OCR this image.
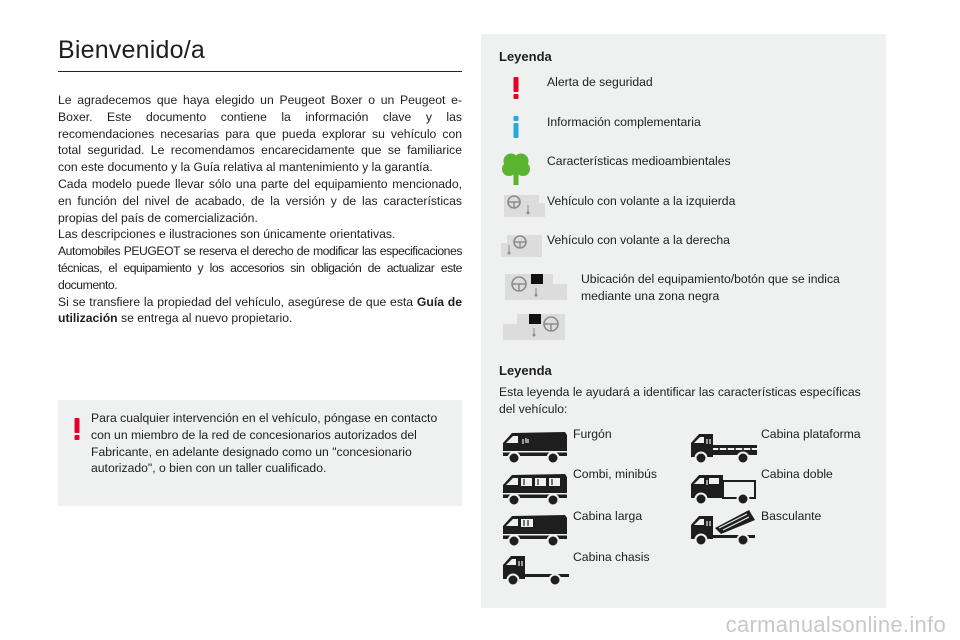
Bienvenido/a

Le agradecemos que haya elegido un Peugeot Boxer o un Peugeot e-Boxer. Este documento contiene la información clave y las recomendaciones necesarias para que pueda explorar su vehículo con total seguridad. Le recomendamos encarecidamente que se familiarice con este documento y la Guía relativa al mantenimiento y la garantía.

Cada modelo puede llevar sólo una parte del equipamiento mencionado, en función del nivel de acabado, de la versión y de las características propias del país de comercialización.

Las descripciones e ilustraciones son únicamente orientativas.

Automobiles PEUGEOT se reserva el derecho de modificar las especificaciones técnicas, el equipamiento y los accesorios sin obligación de actualizar este documento.

Si se transfiere la propiedad del vehículo, asegúrese de que esta Guía de utilización se entrega al nuevo propietario.

Para cualquier intervención en el vehículo, póngase en contacto con un miembro de la red de concesionarios autorizados del Fabricante, en adelante designado como un "concesionario autorizado", o bien con un taller cualificado.
Leyenda
Alerta de seguridad
Información complementaria
Características medioambientales
Vehículo con volante a la izquierda
Vehículo con volante a la derecha
Ubicación del equipamiento/botón que se indica mediante una zona negra
Leyenda
Esta leyenda le ayudará a identificar las características específicas del vehículo:
Furgón	Cabina plataforma
Combi, minibús	Cabina doble
Cabina larga	Basculante
Cabina chasis
carmanualsonline.info
